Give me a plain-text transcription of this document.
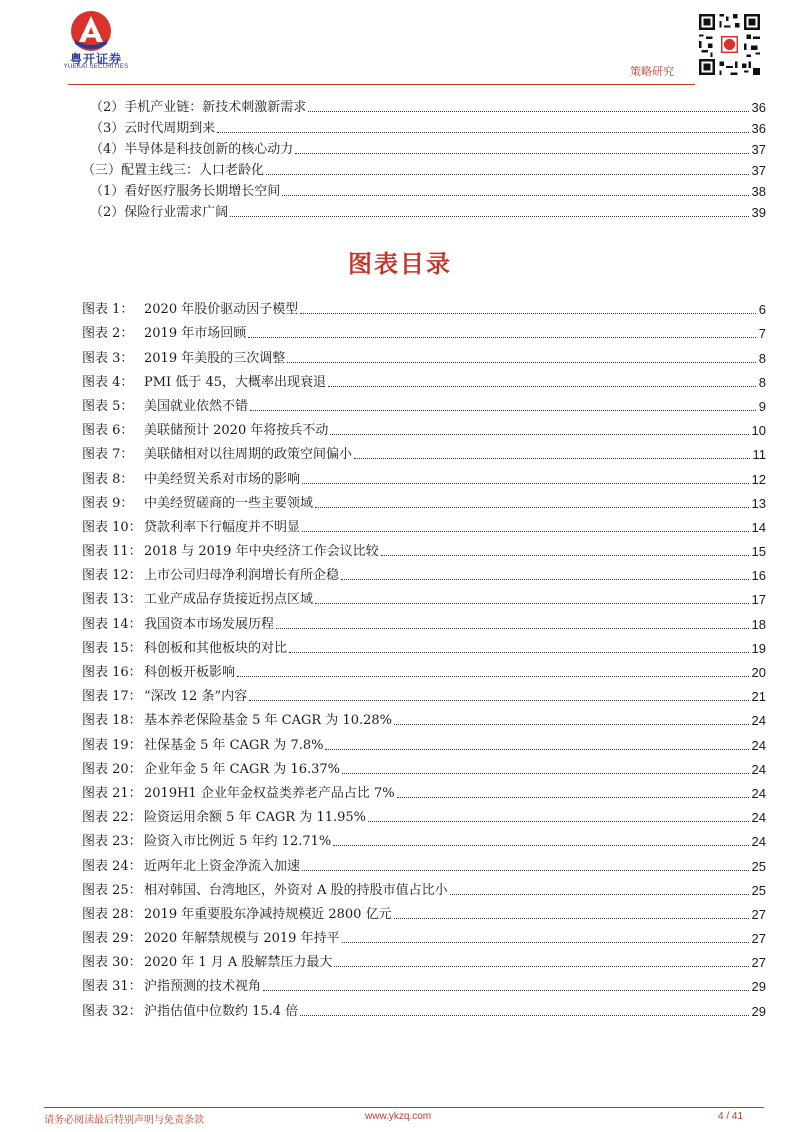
粤开证券
YUEKAI SECURITIES	策略研究
（2）手机产业链：新技术刺激新需求	36
（3）云时代周期到来	36
（4）半导体是科技创新的核心动力	37
（三）配置主线三：人口老龄化	37
（1）看好医疗服务长期增长空间	38
（2）保险行业需求广阔	39
图表目录
图表 1： 2020 年股价驱动因子模型	6
图表 2： 2019 年市场回顾	7
图表 3： 2019 年美股的三次调整	8
图表 4： PMI 低于 45，大概率出现衰退	8
图表 5： 美国就业依然不错	9
图表 6： 美联储预计 2020 年将按兵不动	10
图表 7： 美联储相对以往周期的政策空间偏小	11
图表 8： 中美经贸关系对市场的影响	12
图表 9： 中美经贸磋商的一些主要领域	13
图表 10： 贷款利率下行幅度并不明显	14
图表 11： 2018 与 2019 年中央经济工作会议比较	15
图表 12： 上市公司归母净利润增长有所企稳	16
图表 13： 工业产成品存货接近拐点区域	17
图表 14： 我国资本市场发展历程	18
图表 15： 科创板和其他板块的对比	19
图表 16： 科创板开板影响	20
图表 17： “深改 12 条”内容	21
图表 18： 基本养老保险基金 5 年 CAGR 为 10.28%	24
图表 19： 社保基金 5 年 CAGR 为 7.8%	24
图表 20： 企业年金 5 年 CAGR 为 16.37%	24
图表 21： 2019H1 企业年金权益类养老产品占比 7%	24
图表 22： 险资运用余额 5 年 CAGR 为 11.95%	24
图表 23： 险资入市比例近 5 年约 12.71%	24
图表 24： 近两年北上资金净流入加速	25
图表 25： 相对韩国、台湾地区，外资对 A 股的持股市值占比小	25
图表 28： 2019 年重要股东净减持规模近 2800 亿元	27
图表 29： 2020 年解禁规模与 2019 年持平	27
图表 30： 2020 年 1 月 A 股解禁压力最大	27
图表 31： 沪指预测的技术视角	29
图表 32： 沪指估值中位数约 15.4 倍	29
请务必阅读最后特别声明与免责条款	www.ykzq.com	4 / 41
